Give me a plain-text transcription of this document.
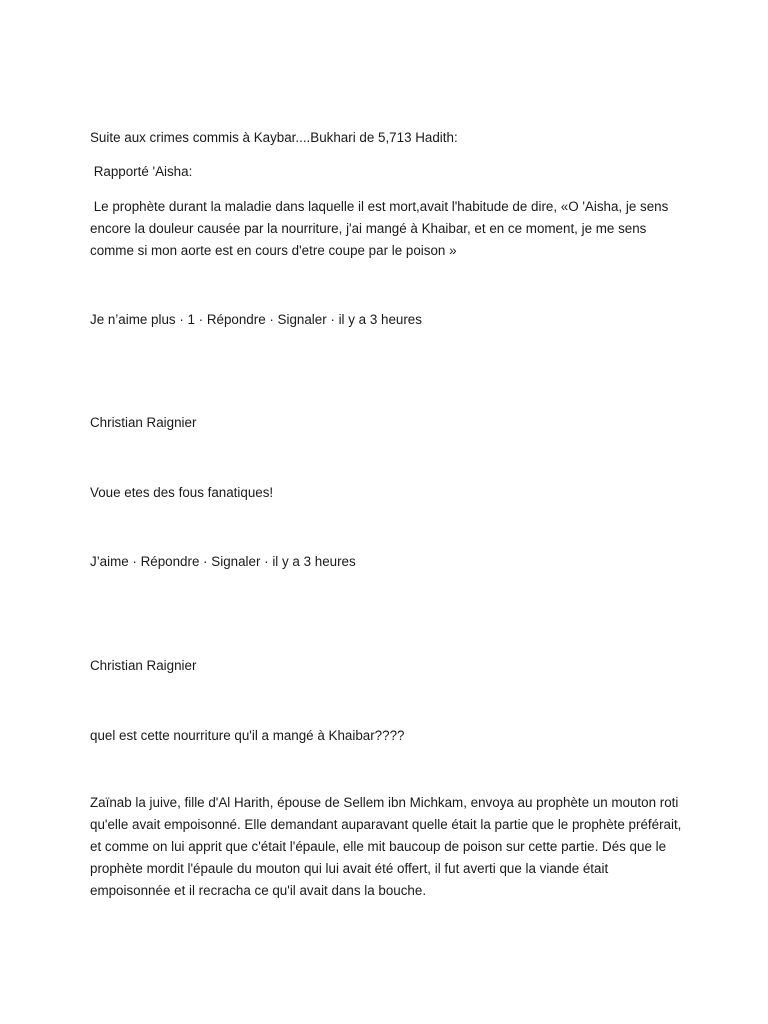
Suite aux crimes commis à Kaybar....Bukhari de 5,713 Hadith:

Rapporté 'Aisha:

Le prophète durant la maladie dans laquelle il est mort,avait l'habitude de dire, «O 'Aisha, je sens encore la douleur causée par la nourriture, j'ai mangé à Khaibar, et en ce moment, je me sens comme si mon aorte est en cours d'etre coupe par le poison »

Je n’aime plus · 1 · Répondre · Signaler · il y a 3 heures

Christian Raignier

Voue etes des fous fanatiques!

J’aime · Répondre · Signaler · il y a 3 heures

Christian Raignier

quel est cette nourriture qu'il a mangé à Khaibar????

Zaïnab la juive, fille d'Al Harith, épouse de Sellem ibn Michkam, envoya au prophète un mouton roti qu'elle avait empoisonné. Elle demandant auparavant quelle était la partie que le prophète préférait, et comme on lui apprit que c'était l'épaule, elle mit baucoup de poison sur cette partie. Dés que le prophète mordit l'épaule du mouton qui lui avait été offert, il fut averti que la viande était empoisonnée et il recracha ce qu'il avait dans la bouche.
